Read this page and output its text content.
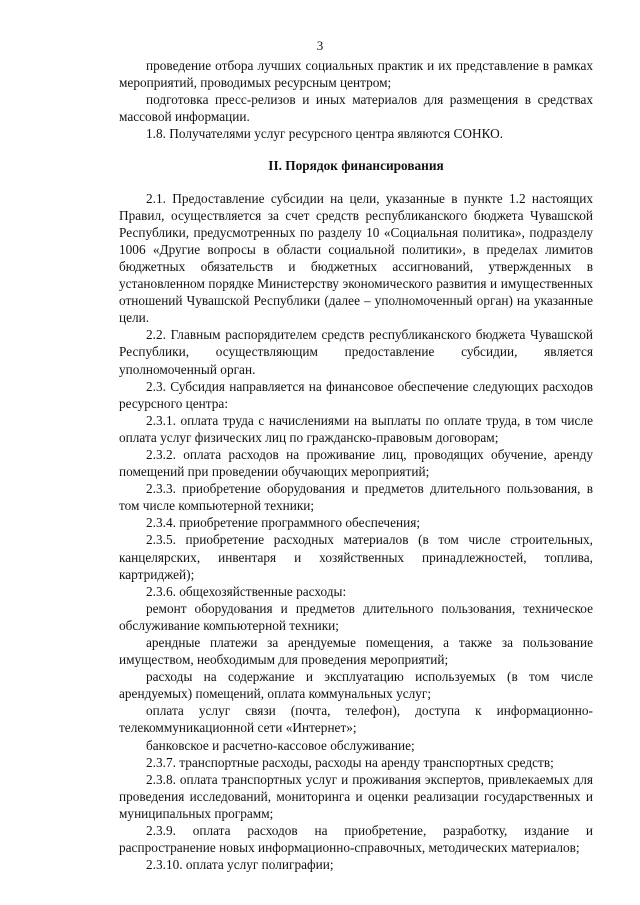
3

проведение отбора лучших социальных практик и их представление в рамках мероприятий, проводимых ресурсным центром;

подготовка пресс-релизов и иных материалов для размещения в средствах массовой информации.

1.8. Получателями услуг ресурсного центра являются СОНКО.

II. Порядок финансирования

2.1. Предоставление субсидии на цели, указанные в пункте 1.2 настоящих Правил, осуществляется за счет средств республиканского бюджета Чувашской Республики, предусмотренных по разделу 10 «Социальная политика», подразделу 1006 «Другие вопросы в области социальной политики», в пределах лимитов бюджетных обязательств и бюджетных ассигнований, утвержденных в установленном порядке Министерству экономического развития и имущественных отношений Чувашской Республики (далее – уполномоченный орган) на указанные цели.

2.2. Главным распорядителем средств республиканского бюджета Чувашской Республики, осуществляющим предоставление субсидии, является уполномоченный орган.

2.3. Субсидия направляется на финансовое обеспечение следующих расходов ресурсного центра:

2.3.1. оплата труда с начислениями на выплаты по оплате труда, в том числе оплата услуг физических лиц по гражданско-правовым договорам;

2.3.2. оплата расходов на проживание лиц, проводящих обучение, аренду помещений при проведении обучающих мероприятий;

2.3.3. приобретение оборудования и предметов длительного пользования, в том числе компьютерной техники;

2.3.4. приобретение программного обеспечения;

2.3.5. приобретение расходных материалов (в том числе строительных, канцелярских, инвентаря и хозяйственных принадлежностей, топлива, картриджей);

2.3.6. общехозяйственные расходы:

ремонт оборудования и предметов длительного пользования, техническое обслуживание компьютерной техники;

арендные платежи за арендуемые помещения, а также за пользование имуществом, необходимым для проведения мероприятий;

расходы на содержание и эксплуатацию используемых (в том числе арендуемых) помещений, оплата коммунальных услуг;

оплата услуг связи (почта, телефон), доступа к информационно-телекоммуникационной сети «Интернет»;

банковское и расчетно-кассовое обслуживание;

2.3.7. транспортные расходы, расходы на аренду транспортных средств;

2.3.8. оплата транспортных услуг и проживания экспертов, привлекаемых для проведения исследований, мониторинга и оценки реализации государственных и муниципальных программ;

2.3.9. оплата расходов на приобретение, разработку, издание и распространение новых информационно-справочных, методических материалов;

2.3.10. оплата услуг полиграфии;
